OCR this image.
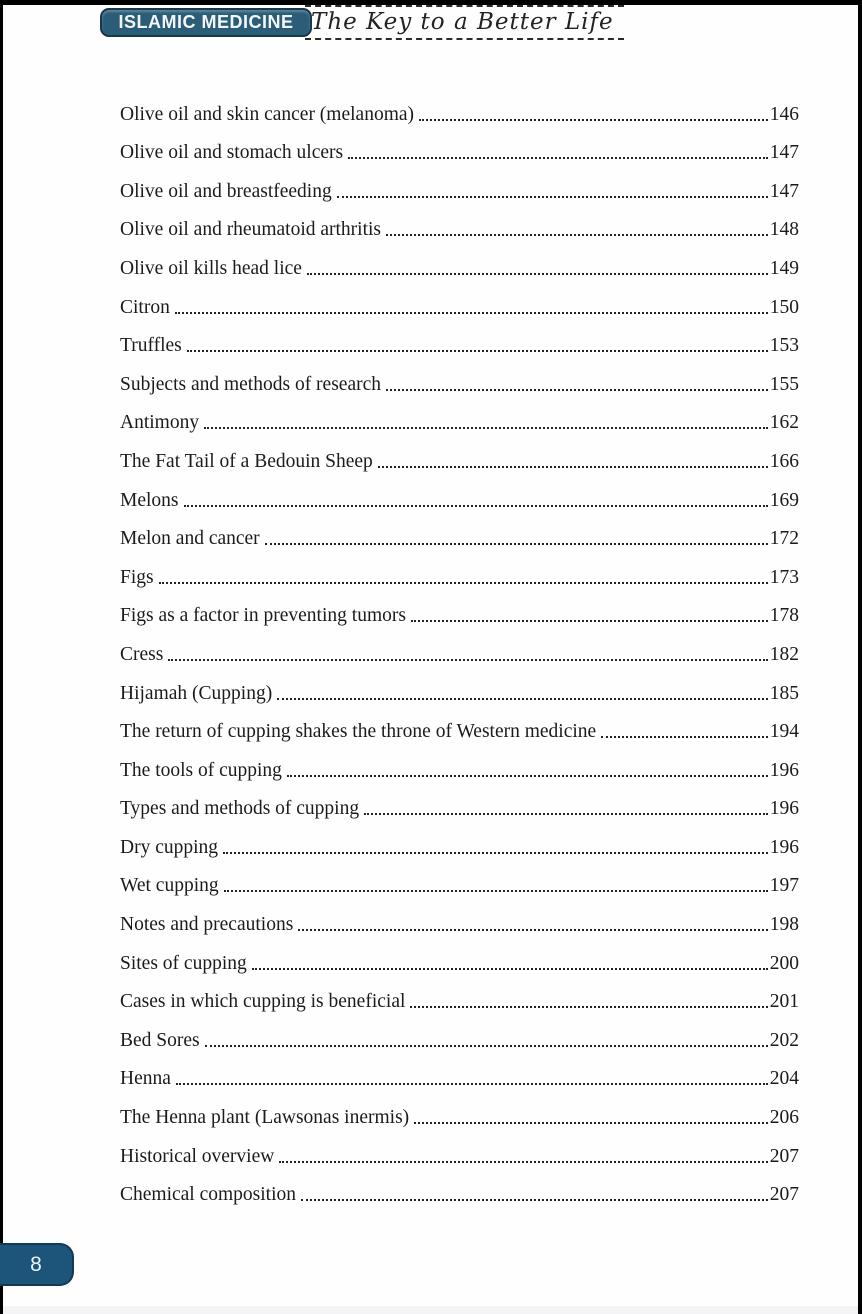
ISLAMIC MEDICINE The Key to a Better Life
Olive oil and skin cancer (melanoma)	146
Olive oil and stomach ulcers	147
Olive oil and breastfeeding	147
Olive oil and rheumatoid arthritis	148
Olive oil kills head lice	149
Citron	150
Truffles	153
Subjects and methods of research	155
Antimony	162
The Fat Tail of a Bedouin Sheep	166
Melons	169
Melon and cancer	172
Figs	173
Figs as a factor in preventing tumors	178
Cress	182
Hijamah (Cupping)	185
The return of cupping shakes the throne of Western medicine	194
The tools of cupping	196
Types and methods of cupping	196
Dry cupping	196
Wet cupping	197
Notes and precautions	198
Sites of cupping	200
Cases in which cupping is beneficial	201
Bed Sores	202
Henna	204
The Henna plant (Lawsonas inermis)	206
Historical overview	207
Chemical composition	207
8
